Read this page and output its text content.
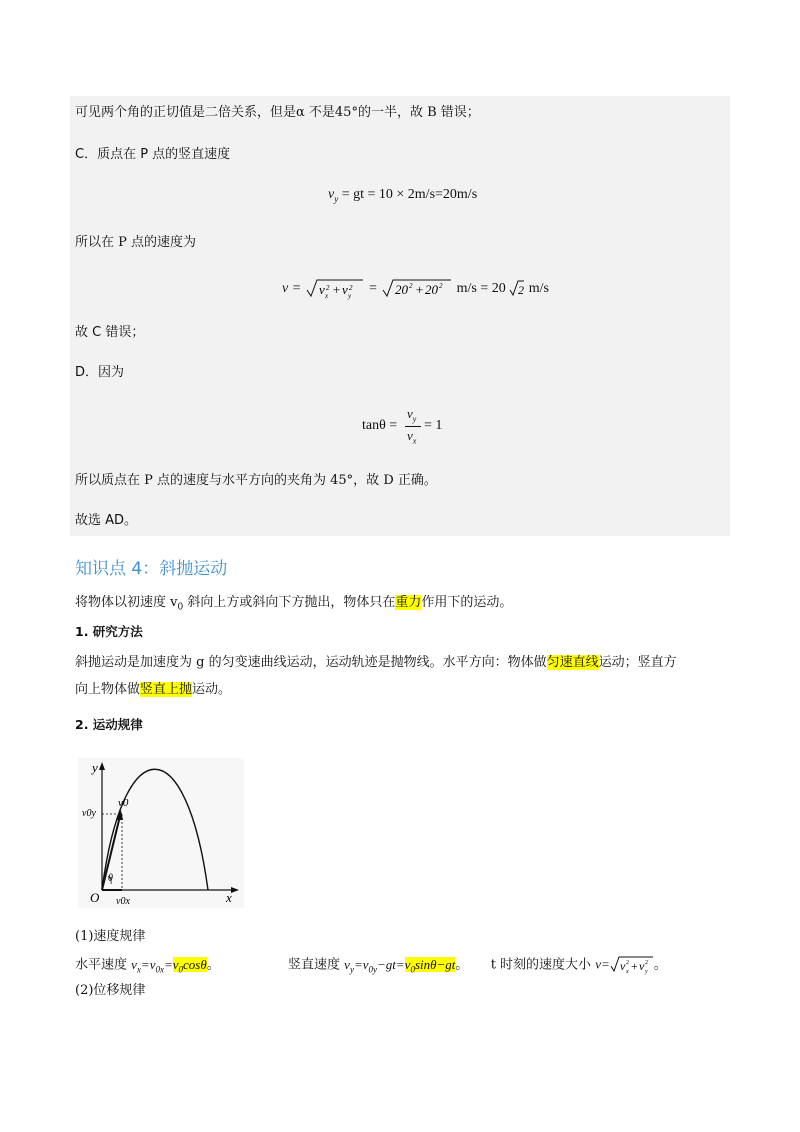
可见两个角的正切值是二倍关系，但是α 不是45°的一半，故 B 错误；
C．质点在 P 点的竖直速度
$v_y$ = gt = 10 × 2m/s=20m/s
所以在 P 点的速度为
v = v 2
x + v 2
y = 20 2 + 20 2 m/s = 20 2 m/s
故 C 错误；
D．因为
tanθ =
$v_y$
$v_x$
= 1
所以质点在 P 点的速度与水平方向的夹角为 45°，故 D 正确。
故选 AD。
知识点 4：斜抛运动
将物体以初速度 $v_0$ 斜向上方或斜向下方抛出，物体只在重力作用下的运动。
1. 研究方法
斜抛运动是加速度为 g 的匀变速曲线运动，运动轨迹是抛物线。水平方向：物体做匀速直线运动；竖直方
向上物体做竖直上抛运动。
2. 运动规律
y
x
O
v0
v0y
v0x
θ
(1)速度规律
水平速度 $v_x=v_{0x}=v_0\cos\theta$。	竖直速度 $v_y=v_{0y}-gt=v_0\sin\theta-gt$。  t 时刻的速度大小 v= v 2
x + v 2
y 。
(2)位移规律
